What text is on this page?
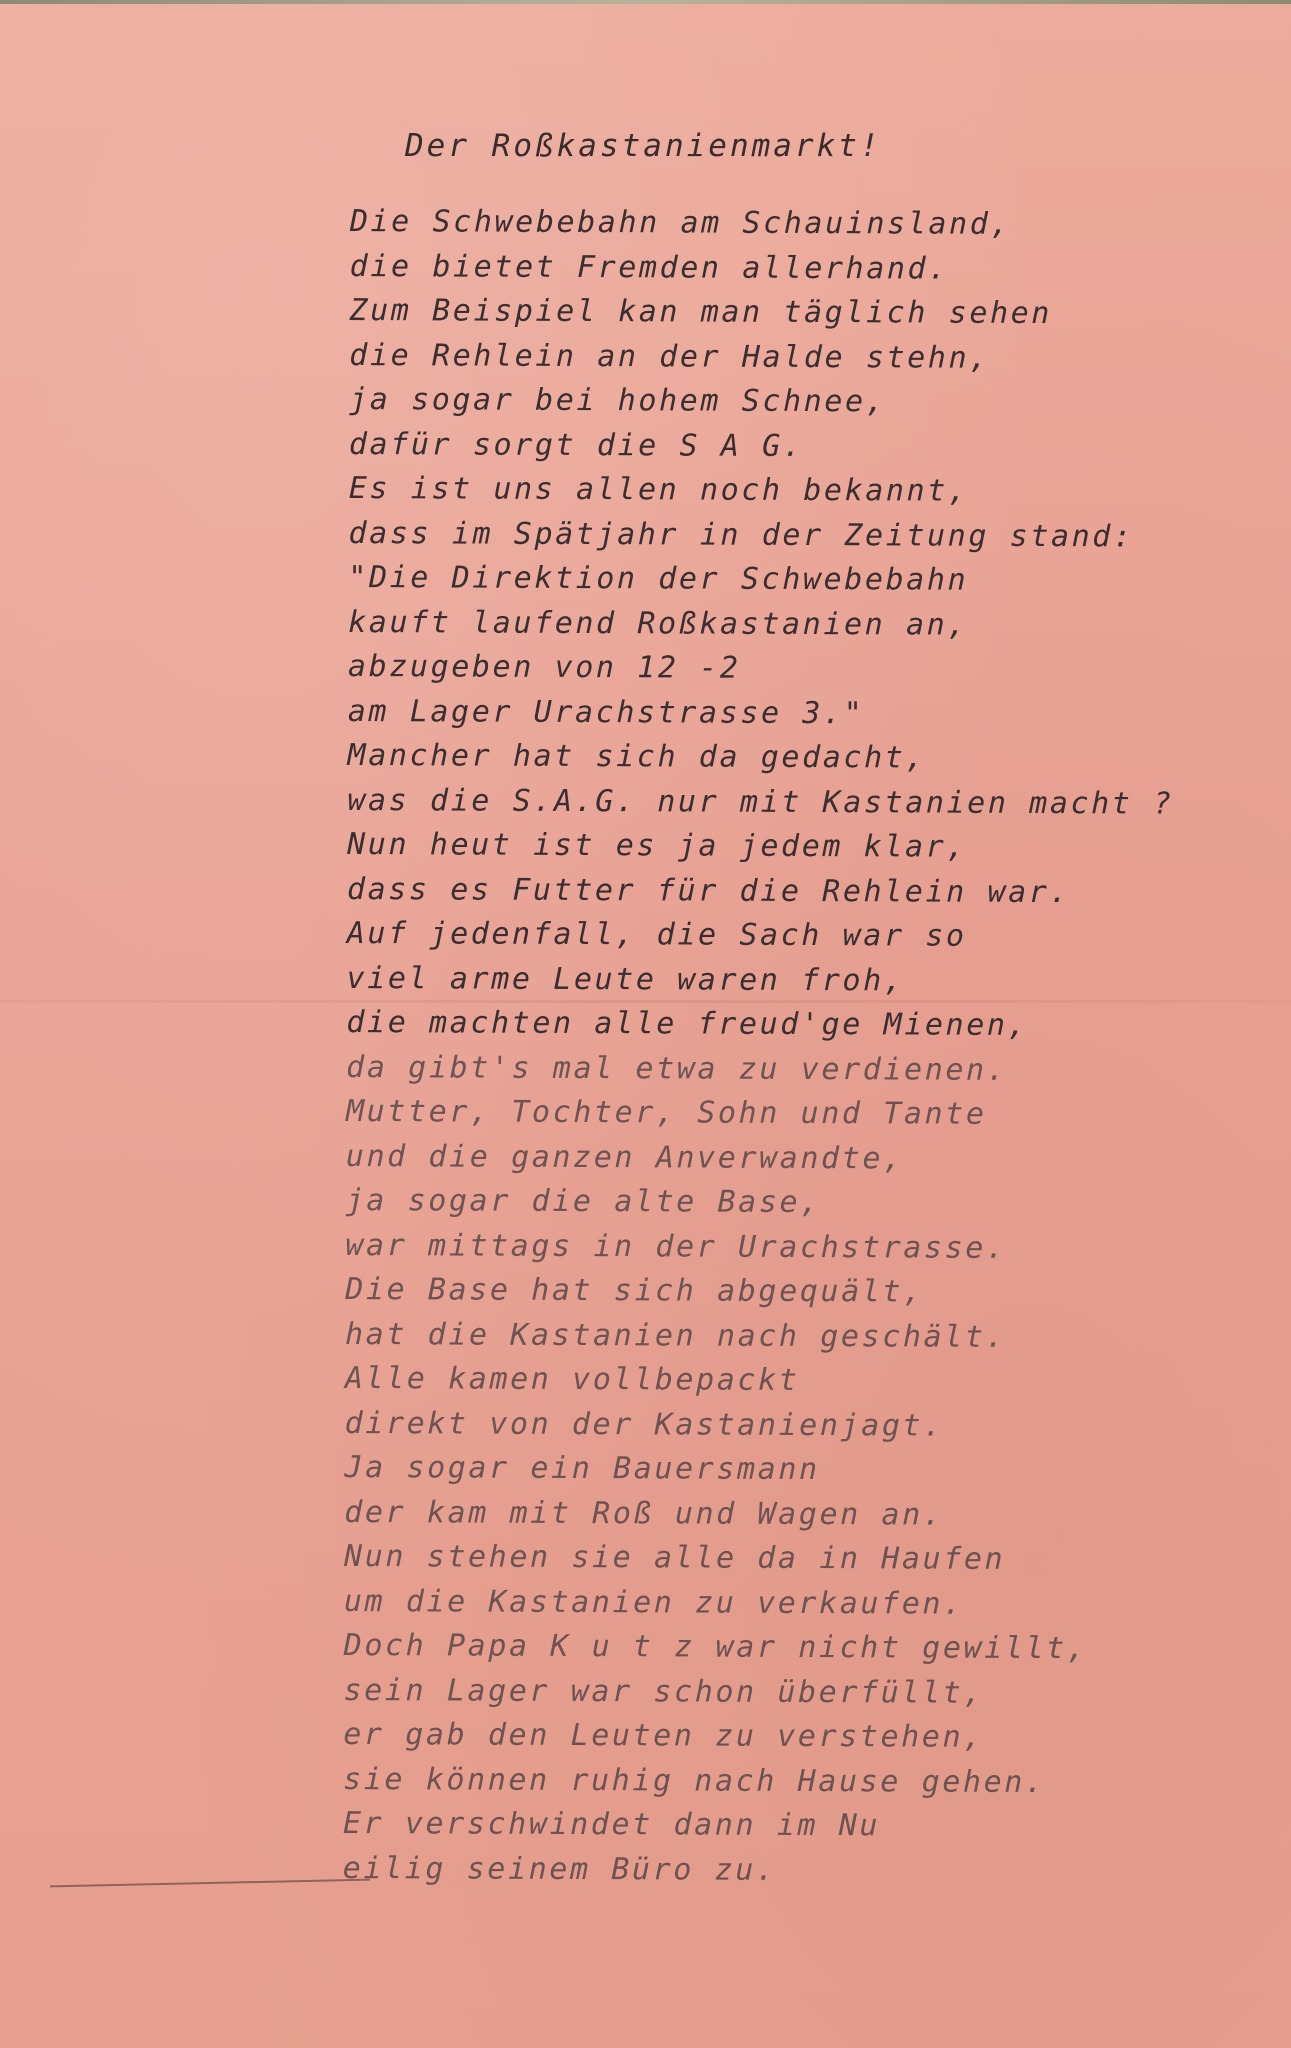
Der Roßkastanienmarkt!
Die Schwebebahn am Schauinsland,
die bietet Fremden allerhand.
Zum Beispiel kan man täglich sehen
die Rehlein an der Halde stehn,
ja sogar bei hohem Schnee,
dafür sorgt die S A G.
Es ist uns allen noch bekannt,
dass im Spätjahr in der Zeitung stand:
"Die Direktion der Schwebebahn
kauft laufend Roßkastanien an,
abzugeben von 12 -2
am Lager Urachstrasse 3."
Mancher hat sich da gedacht,
was die S.A.G. nur mit Kastanien macht ?
Nun heut ist es ja jedem klar,
dass es Futter für die Rehlein war.
Auf jedenfall, die Sach war so
viel arme Leute waren froh,
die machten alle freud'ge Mienen,
da gibt's mal etwa zu verdienen.
Mutter, Tochter, Sohn und Tante
und die ganzen Anverwandte,
ja sogar die alte Base,
war mittags in der Urachstrasse.
Die Base hat sich abgequält,
hat die Kastanien nach geschält.
Alle kamen vollbepackt
direkt von der Kastanienjagt.
Ja sogar ein Bauersmann
der kam mit Roß und Wagen an.
Nun stehen sie alle da in Haufen
um die Kastanien zu verkaufen.
Doch Papa K u t z war nicht gewillt,
sein Lager war schon überfüllt,
er gab den Leuten zu verstehen,
sie können ruhig nach Hause gehen.
Er verschwindet dann im Nu
eilig seinem Büro zu.
